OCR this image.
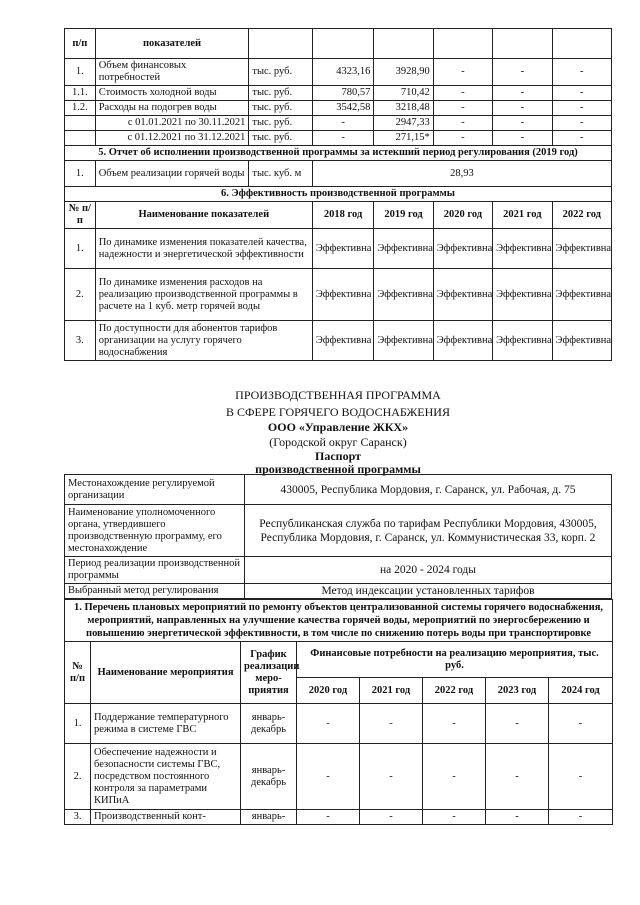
п/п	показателей						
1.	Объем финансовых потребностей	тыс. руб.	4323,16	3928,90	-	-	-
1.1.	Стоимость холодной воды	тыс. руб.	780,57	710,42	-	-	-
1.2.	Расходы на подогрев воды	тыс. руб.	3542,58	3218,48	-	-	-
	с 01.01.2021 по 30.11.2021	тыс. руб.	-	2947,33	-	-	-
	с 01.12.2021 по 31.12.2021	тыс. руб.	-	271,15*	-	-	-
5. Отчет об исполнении производственной программы за истекший период регулирования (2019 год)							
1.	Объем реализации горячей воды	тыс. куб. м	28,93				
6. Эффективность производственной программы							
№ п/п	Наименование показателей		2018 год	2019 год	2020 год	2021 год	2022 год
1.	По динамике изменения показателей качества, надежности и энергетической эффективности		Эффективна	Эффективна	Эффективна	Эффективна	Эффективна
2.	По динамике изменения расходов на реализацию производственной программы в расчете на 1 куб. метр горячей воды		Эффективна	Эффективна	Эффективна	Эффективна	Эффективна
3.	По доступности для абонентов тарифов организации на услугу горячего водоснабжения		Эффективна	Эффективна	Эффективна	Эффективна	Эффективна
ПРОИЗВОДСТВЕННАЯ ПРОГРАММА
В СФЕРЕ ГОРЯЧЕГО ВОДОСНАБЖЕНИЯ
ООО «Управление ЖКХ»
(Городской округ Саранск)
Паспорт
производственной программы
Местонахождение регулируемой организации	430005, Республика Мордовия, г. Саранск, ул. Рабочая, д. 75
Наименование уполномоченного органа, утвердившего производственную программу, его местонахождение	Республиканская служба по тарифам Республики Мордовия, 430005, Республика Мордовия, г. Саранск, ул. Коммунистическая 33, корп. 2
Период реализации производственной программы	на 2020 - 2024 годы
Выбранный метод регулирования	Метод индексации установленных тарифов
1. Перечень плановых мероприятий по ремонту объектов централизованной системы горячего водоснабжения, мероприятий, направленных на улучшение качества горячей воды, мероприятий по энергосбережению и повышению энергетической эффективности, в том числе по снижению потерь воды при транспортировке							
№ п/п	Наименование мероприятия	График реализации меро-приятия	Финансовые потребности на реализацию мероприятия, тыс. руб.				
			2020 год	2021 год	2022 год	2023 год	2024 год
1.	Поддержание температурного режима в системе ГВС	январь-декабрь	-	-	-	-	-
2.	Обеспечение надежности и безопасности системы ГВС, посредством постоянного контроля за параметрами КИПиА	январь-декабрь	-	-	-	-	-
3.	Производственный конт-	январь-	-	-	-	-	-
